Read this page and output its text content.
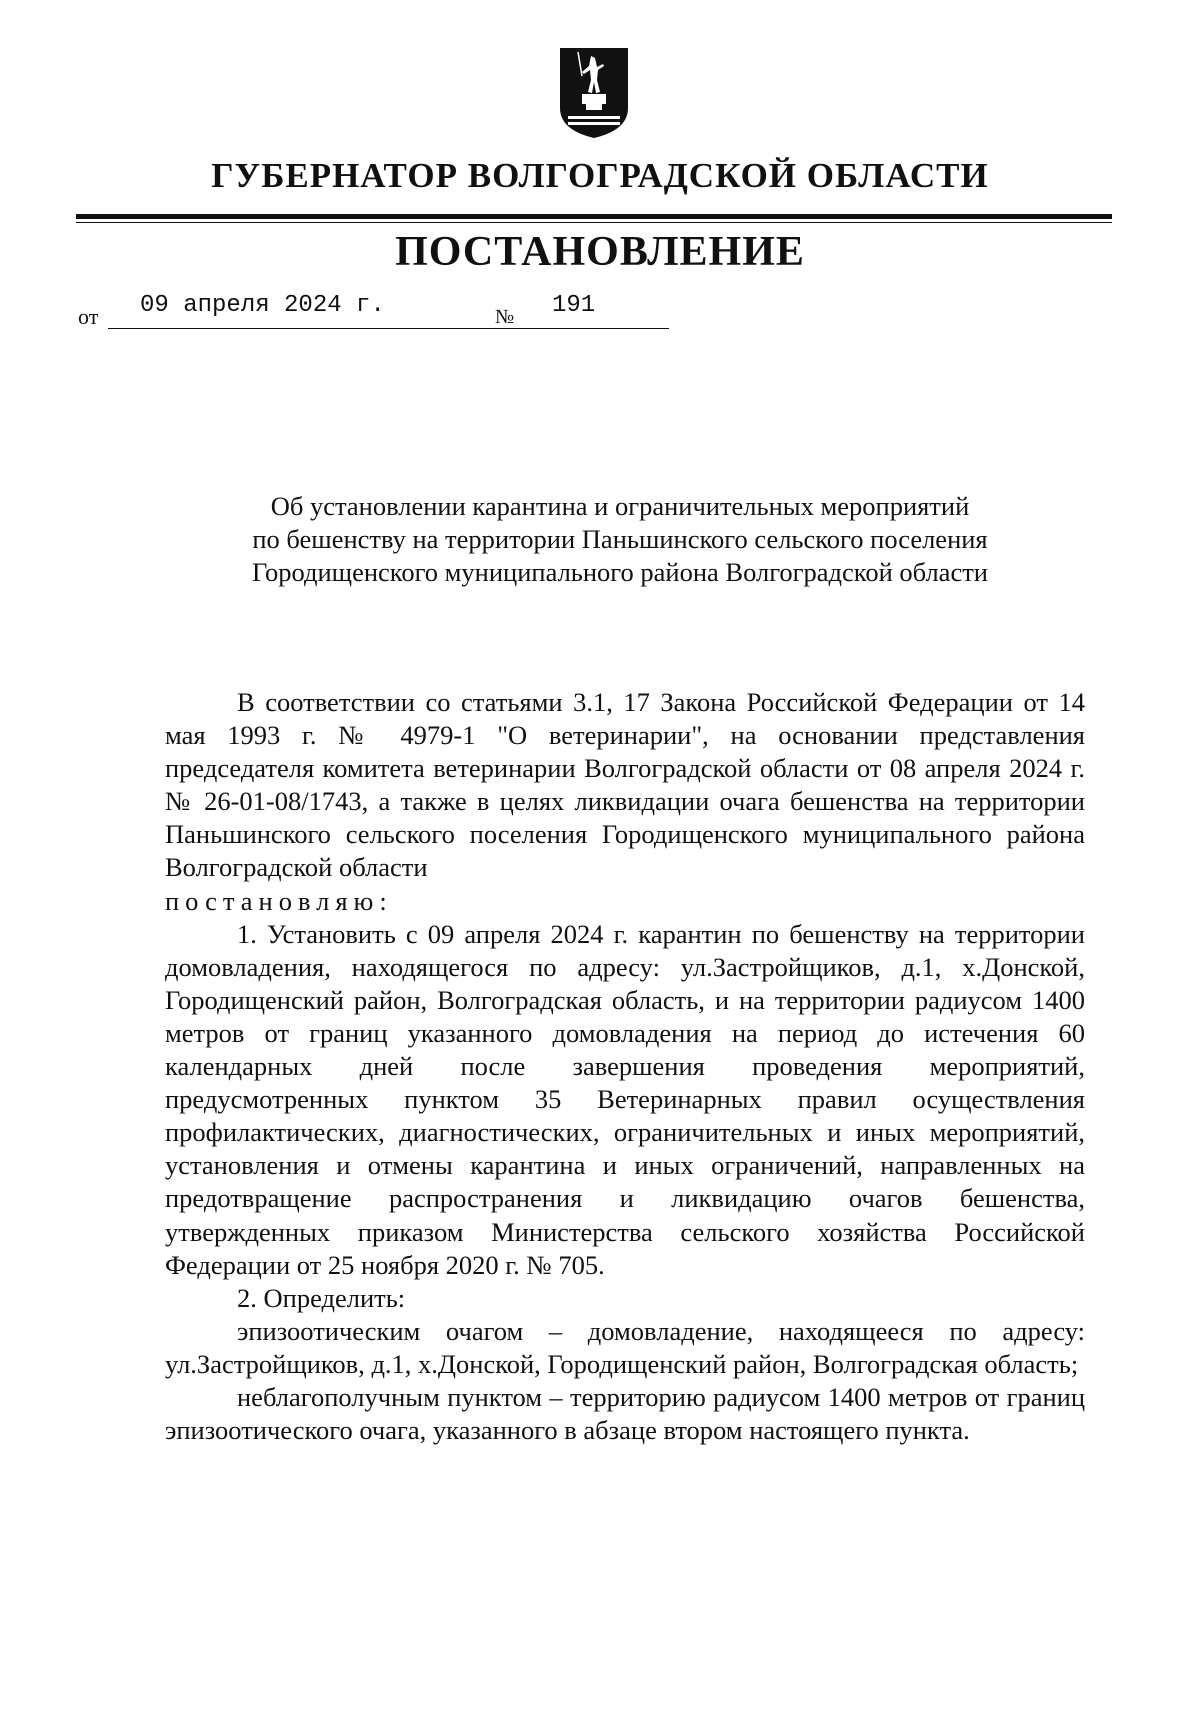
ГУБЕРНАТОР ВОЛГОГРАДСКОЙ ОБЛАСТИ
ПОСТАНОВЛЕНИЕ
от 09 апреля 2024 г.	№ 191
Об установлении карантина и ограничительных мероприятий
по бешенству на территории Паньшинского сельского поселения
Городищенского муниципального района Волгоградской области
В соответствии со статьями 3.1, 17 Закона Российской Федерации от 14 мая 1993 г. № 4979-1 "О ветеринарии", на основании представления председателя комитета ветеринарии Волгоградской области от 08 апреля 2024 г. № 26-01-08/1743, а также в целях ликвидации очага бешенства на территории Паньшинского сельского поселения Городищенского муниципального района Волгоградской области
постановляю:
1. Установить с 09 апреля 2024 г. карантин по бешенству на территории домовладения, находящегося по адресу: ул.Застройщиков, д.1, х.Донской, Городищенский район, Волгоградская область, и на территории радиусом 1400 метров от границ указанного домовладения на период до истечения 60 календарных дней после завершения проведения мероприятий, предусмотренных пунктом 35 Ветеринарных правил осуществления профилактических, диагностических, ограничительных и иных мероприятий, установления и отмены карантина и иных ограничений, направленных на предотвращение распространения и ликвидацию очагов бешенства, утвержденных приказом Министерства сельского хозяйства Российской Федерации от 25 ноября 2020 г. № 705.
2. Определить:
эпизоотическим очагом – домовладение, находящееся по адресу: ул.Застройщиков, д.1, х.Донской, Городищенский район, Волгоградская область;
неблагополучным пунктом – территорию радиусом 1400 метров от границ эпизоотического очага, указанного в абзаце втором настоящего пункта.
